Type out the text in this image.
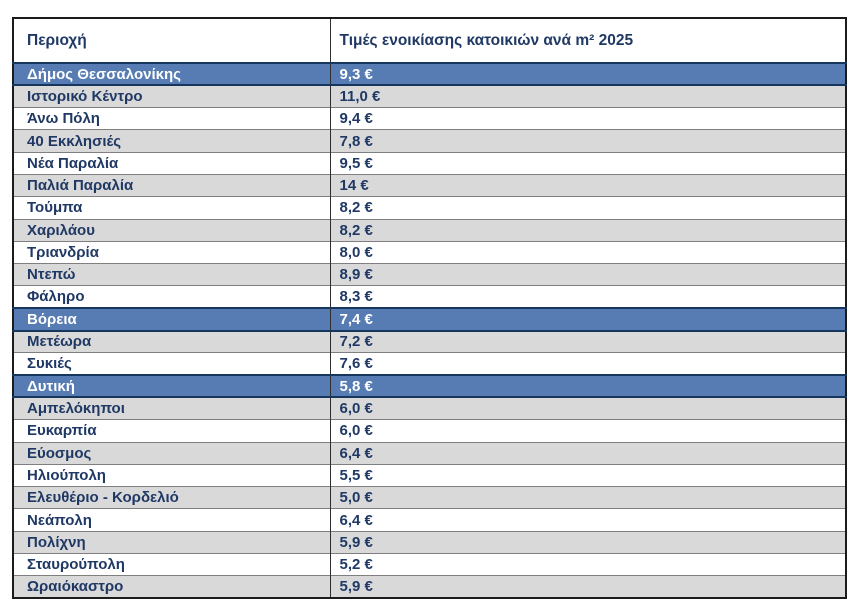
Περιοχή	Τιμές ενοικίασης κατοικιών ανά m² 2025
Δήμος Θεσσαλονίκης	9,3 €
Ιστορικό Κέντρο	11,0 €
Άνω Πόλη	9,4 €
40 Εκκλησιές	7,8 €
Νέα Παραλία	9,5 €
Παλιά Παραλία	14 €
Τούμπα	8,2 €
Χαριλάου	8,2 €
Τριανδρία	8,0 €
Ντεπώ	8,9 €
Φάληρο	8,3 €
Βόρεια	7,4 €
Μετέωρα	7,2 €
Συκιές	7,6 €
Δυτική	5,8 €
Αμπελόκηποι	6,0 €
Ευκαρπία	6,0 €
Εύοσμος	6,4 €
Ηλιούπολη	5,5 €
Ελευθέριο - Κορδελιό	5,0 €
Νεάπολη	6,4 €
Πολίχνη	5,9 €
Σταυρούπολη	5,2 €
Ωραιόκαστρο	5,9 €
